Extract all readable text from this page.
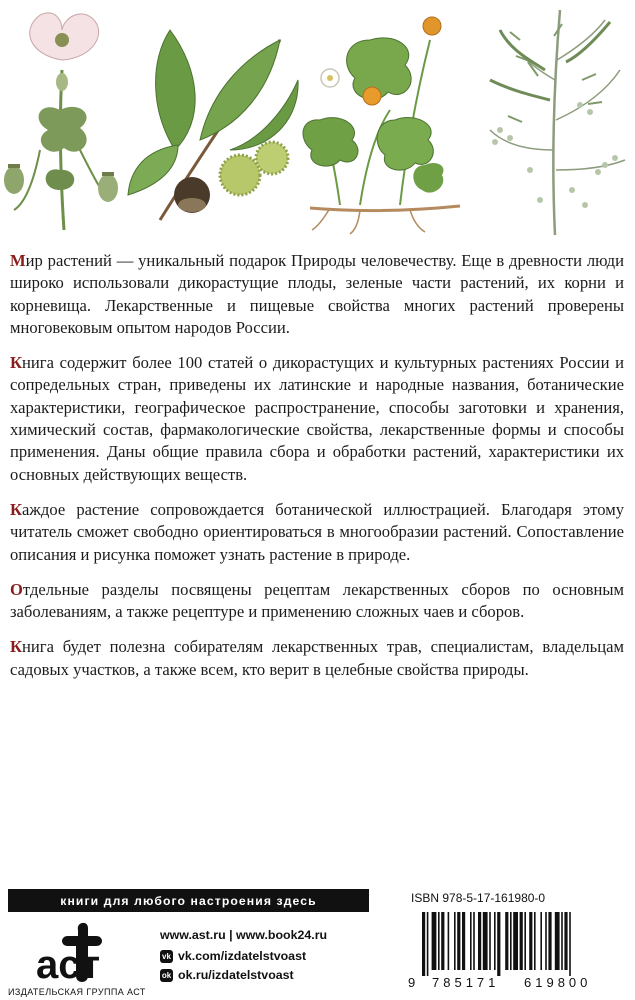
Мир растений — уникальный подарок Природы человечеству. Еще в древности люди широко использовали дикорастущие плоды, зеленые части растений, их корни и корневища. Лекарственные и пищевые свойства многих растений проверены многовековым опытом народов России.

Книга содержит более 100 статей о дикорастущих и культурных растениях России и сопредельных стран, приведены их латинские и народные названия, ботанические характеристики, географическое распространение, способы заготовки и хранения, химический состав, фармакологические свойства, лекарственные формы и способы применения. Даны общие правила сбора и обработки растений, характеристики их основных действующих веществ.

Каждое растение сопровождается ботанической иллюстрацией. Благодаря этому читатель сможет свободно ориентироваться в многообразии растений. Сопоставление описания и рисунка поможет узнать растение в природе.

Отдельные разделы посвящены рецептам лекарственных сборов по основным заболеваниям, а также рецептуре и применению сложных чаев и сборов.

Книга будет полезна собирателям лекарственных трав, специалистам, владельцам садовых участков, а также всем, кто верит в целебные свойства природы.

книги для любого настроения здесь
аст
ИЗДАТЕЛЬСКАЯ ГРУППА АСТ
www.ast.ru | www.book24.ru
vk vk.com/izdatelstvoast
ok ok.ru/izdatelstvoast
ISBN 978-5-17-161980-0
9 785171 619800
